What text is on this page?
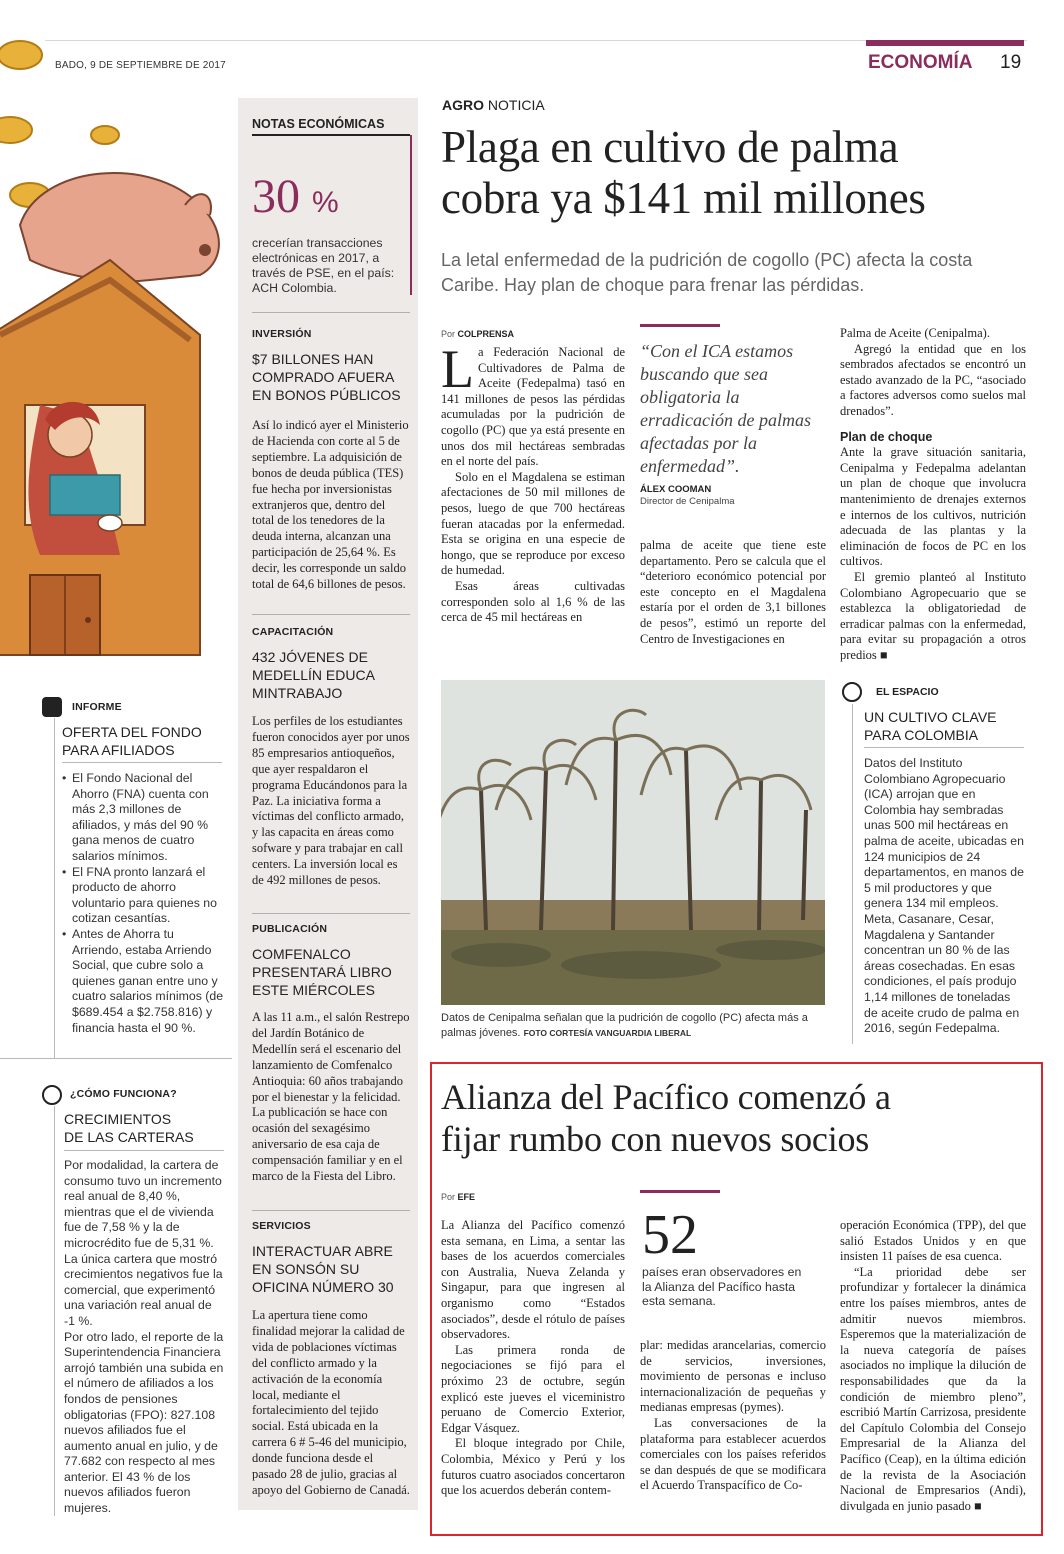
BADO, 9 DE SEPTIEMBRE DE 2017	ECONOMÍA 19
INFORME
OFERTA DEL FONDO
PARA AFILIADOS
• El Fondo Nacional del Ahorro (FNA) cuenta con más 2,3 millones de afiliados, y más del 90 % gana menos de cuatro salarios mínimos.
• El FNA pronto lanzará el producto de ahorro voluntario para quienes no cotizan cesantías.
• Antes de Ahorra tu Arriendo, estaba Arriendo Social, que cubre solo a quienes ganan entre uno y cuatro salarios mínimos (de $689.454 a $2.758.816) y financia hasta el 90 %.
¿CÓMO FUNCIONA?
CRECIMIENTOS
DE LAS CARTERAS
Por modalidad, la cartera de consumo tuvo un incremento real anual de 8,40 %, mientras que el de vivienda fue de 7,58 % y la de microcrédito fue de 5,31 %. La única cartera que mostró crecimientos negativos fue la comercial, que experimentó una variación real anual de -1 %.
Por otro lado, el reporte de la Superintendencia Financiera arrojó también una subida en el número de afiliados a los fondos de pensiones obligatorias (FPO): 827.108 nuevos afiliados fue el aumento anual en julio, y de 77.682 con respecto al mes anterior. El 43 % de los nuevos afiliados fueron mujeres.
NOTAS ECONÓMICAS
30 %
crecerían transacciones electrónicas en 2017, a través de PSE, en el país: ACH Colombia.
INVERSIÓN
$7 BILLONES HAN COMPRADO AFUERA EN BONOS PÚBLICOS
Así lo indicó ayer el Ministerio de Hacienda con corte al 5 de septiembre. La adquisición de bonos de deuda pública (TES) fue hecha por inversionistas extranjeros que, dentro del total de los tenedores de la deuda interna, alcanzan una participación de 25,64 %. Es decir, les corresponde un saldo total de 64,6 billones de pesos.
CAPACITACIÓN
432 JÓVENES DE MEDELLÍN EDUCA MINTRABAJO
Los perfiles de los estudiantes fueron conocidos ayer por unos 85 empresarios antioqueños, que ayer respaldaron el programa Educándonos para la Paz. La iniciativa forma a víctimas del conflicto armado, y las capacita en áreas como sofware y para trabajar en call centers. La inversión local es de 492 millones de pesos.
PUBLICACIÓN
COMFENALCO PRESENTARÁ LIBRO ESTE MIÉRCOLES
A las 11 a.m., el salón Restrepo del Jardín Botánico de Medellín será el escenario del lanzamiento de Comfenalco Antioquia: 60 años trabajando por el bienestar y la felicidad. La publicación se hace con ocasión del sexagésimo aniversario de esa caja de compensación familiar y en el marco de la Fiesta del Libro.
SERVICIOS
INTERACTUAR ABRE EN SONSÓN SU OFICINA NÚMERO 30
La apertura tiene como finalidad mejorar la calidad de vida de poblaciones víctimas del conflicto armado y la activación de la economía local, mediante el fortalecimiento del tejido social. Está ubicada en la carrera 6 # 5-46 del municipio, donde funciona desde el pasado 28 de julio, gracias al apoyo del Gobierno de Canadá.
AGRO NOTICIA
Plaga en cultivo de palma
cobra ya $141 mil millones
La letal enfermedad de la pudrición de cogollo (PC) afecta la costa Caribe. Hay plan de choque para frenar las pérdidas.
Por COLPRENSA

La Federación Nacional de Cultivadores de Palma de Aceite (Fedepalma) tasó en 141 millones de pesos las pérdidas acumuladas por la pudrición de cogollo (PC) que ya está presente en unos dos mil hectáreas sembradas en el norte del país.

Solo en el Magdalena se estiman afectaciones de 50 mil millones de pesos, luego de que 700 hectáreas fueran atacadas por la enfermedad. Esta se origina en una especie de hongo, que se reproduce por exceso de humedad.

Esas áreas cultivadas corresponden solo al 1,6 % de las cerca de 45 mil hectáreas en

“Con el ICA estamos buscando que sea obligatoria la erradicación de palmas afectadas por la enfermedad”.
ÁLEX COOMAN
Director de Cenipalma

palma de aceite que tiene este departamento. Pero se calcula que el “deterioro económico potencial por este concepto en el Magdalena estaría por el orden de 3,1 billones de pesos”, estimó un reporte del Centro de Investigaciones en

Palma de Aceite (Cenipalma).

Agregó la entidad que en los sembrados afectados se encontró un estado avanzado de la PC, “asociado a factores adversos como suelos mal drenados”.

Plan de choque

Ante la grave situación sanitaria, Cenipalma y Fedepalma adelantan un plan de choque que involucra mantenimiento de drenajes externos e internos de los cultivos, nutrición adecuada de las plantas y la eliminación de focos de PC en los cultivos.

El gremio planteó al Instituto Colombiano Agropecuario que se establezca la obligatoriedad de erradicar palmas con la enfermedad, para evitar su propagación a otros predios ■

Datos de Cenipalma señalan que la pudrición de cogollo (PC) afecta más a palmas jóvenes. FOTO CORTESÍA VANGUARDIA LIBERAL
EL ESPACIO
UN CULTIVO CLAVE
PARA COLOMBIA
Datos del Instituto Colombiano Agropecuario (ICA) arrojan que en Colombia hay sembradas unas 500 mil hectáreas en palma de aceite, ubicadas en 124 municipios de 24 departamentos, en manos de 5 mil productores y que genera 134 mil empleos. Meta, Casanare, Cesar, Magdalena y Santander concentran un 80 % de las áreas cosechadas. En esas condiciones, el país produjo 1,14 millones de toneladas de aceite crudo de palma en 2016, según Fedepalma.
Alianza del Pacífico comenzó a
fijar rumbo con nuevos socios
Por EFE

La Alianza del Pacífico comenzó esta semana, en Lima, a sentar las bases de los acuerdos comerciales con Australia, Nueva Zelanda y Singapur, para que ingresen al organismo como “Estados asociados”, desde el rótulo de países observadores.

Las primera ronda de negociaciones se fijó para el próximo 23 de octubre, según explicó este jueves el viceministro peruano de Comercio Exterior, Edgar Vásquez.

El bloque integrado por Chile, Colombia, México y Perú y los futuros cuatro asociados concertaron que los acuerdos deberán contem-

52
países eran observadores en la Alianza del Pacífico hasta esta semana.

plar: medidas arancelarias, comercio de servicios, inversiones, movimiento de personas e incluso internacionalización de pequeñas y medianas empresas (pymes).

Las conversaciones de la plataforma para establecer acuerdos comerciales con los países referidos se dan después de que se modificara el Acuerdo Transpacífico de Co-

operación Económica (TPP), del que salió Estados Unidos y en que insisten 11 países de esa cuenca.

“La prioridad debe ser profundizar y fortalecer la dinámica entre los países miembros, antes de admitir nuevos miembros. Esperemos que la materialización de la nueva categoría de países asociados no implique la dilución de responsabilidades que da la condición de miembro pleno”, escribió Martín Carrizosa, presidente del Capítulo Colombia del Consejo Empresarial de la Alianza del Pacífico (Ceap), en la última edición de la revista de la Asociación Nacional de Empresarios (Andi), divulgada en junio pasado ■
